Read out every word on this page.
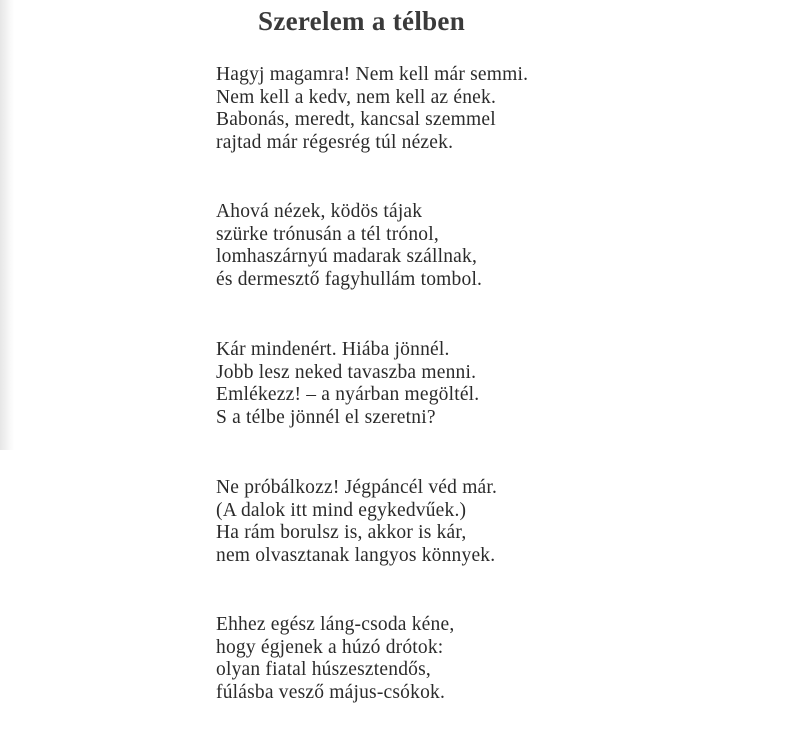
Szerelem a télben
Hagyj magamra! Nem kell már semmi.
Nem kell a kedv, nem kell az ének.
Babonás, meredt, kancsal szemmel
rajtad már régesrég túl nézek.
Ahová nézek, ködös tájak
szürke trónusán a tél trónol,
lomhaszárnyú madarak szállnak,
és dermesztő fagyhullám tombol.
Kár mindenért. Hiába jönnél.
Jobb lesz neked tavaszba menni.
Emlékezz! – a nyárban megöltél.
S a télbe jönnél el szeretni?
Ne próbálkozz! Jégpáncél véd már.
(A dalok itt mind egykedvűek.)
Ha rám borulsz is, akkor is kár,
nem olvasztanak langyos könnyek.
Ehhez egész láng-csoda kéne,
hogy égjenek a húzó drótok:
olyan fiatal húszesztendős,
fúlásba vesző május-csókok.
